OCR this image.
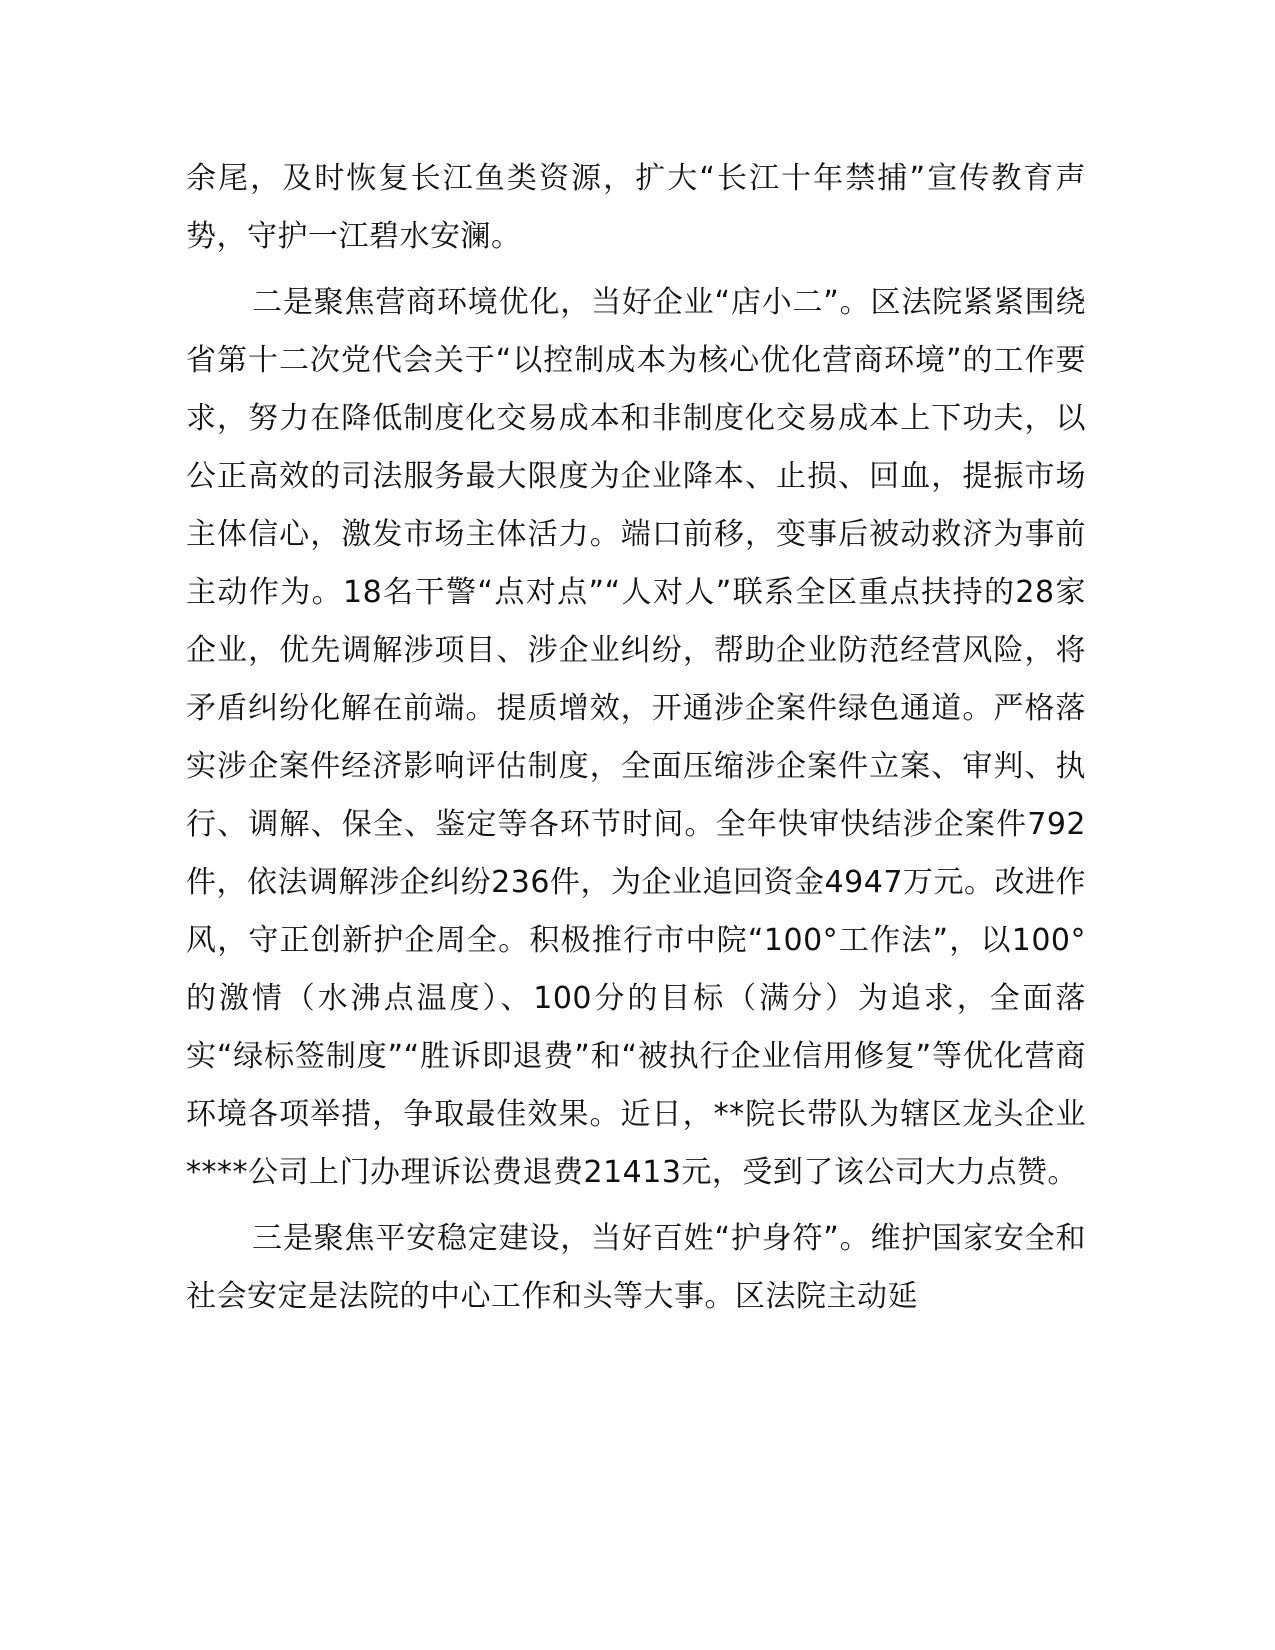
余尾，及时恢复长江鱼类资源，扩大“长江十年禁捕”宣传教育声势，守护一江碧水安澜。

二是聚焦营商环境优化，当好企业“店小二”。区法院紧紧围绕省第十二次党代会关于“以控制成本为核心优化营商环境”的工作要求，努力在降低制度化交易成本和非制度化交易成本上下功夫，以公正高效的司法服务最大限度为企业降本、止损、回血，提振市场主体信心，激发市场主体活力。端口前移，变事后被动救济为事前主动作为。18名干警“点对点”“人对人”联系全区重点扶持的28家企业，优先调解涉项目、涉企业纠纷，帮助企业防范经营风险，将矛盾纠纷化解在前端。提质增效，开通涉企案件绿色通道。严格落实涉企案件经济影响评估制度，全面压缩涉企案件立案、审判、执行、调解、保全、鉴定等各环节时间。全年快审快结涉企案件792件，依法调解涉企纠纷236件，为企业追回资金4947万元。改进作风，守正创新护企周全。积极推行市中院“100°工作法”，以100°的激情（水沸点温度）、100分的目标（满分）为追求，全面落实“绿标签制度”“胜诉即退费”和“被执行企业信用修复”等优化营商环境各项举措，争取最佳效果。近日，**院长带队为辖区龙头企业****公司上门办理诉讼费退费21413元，受到了该公司大力点赞。

三是聚焦平安稳定建设，当好百姓“护身符”。维护国家安全和社会安定是法院的中心工作和头等大事。区法院主动延
